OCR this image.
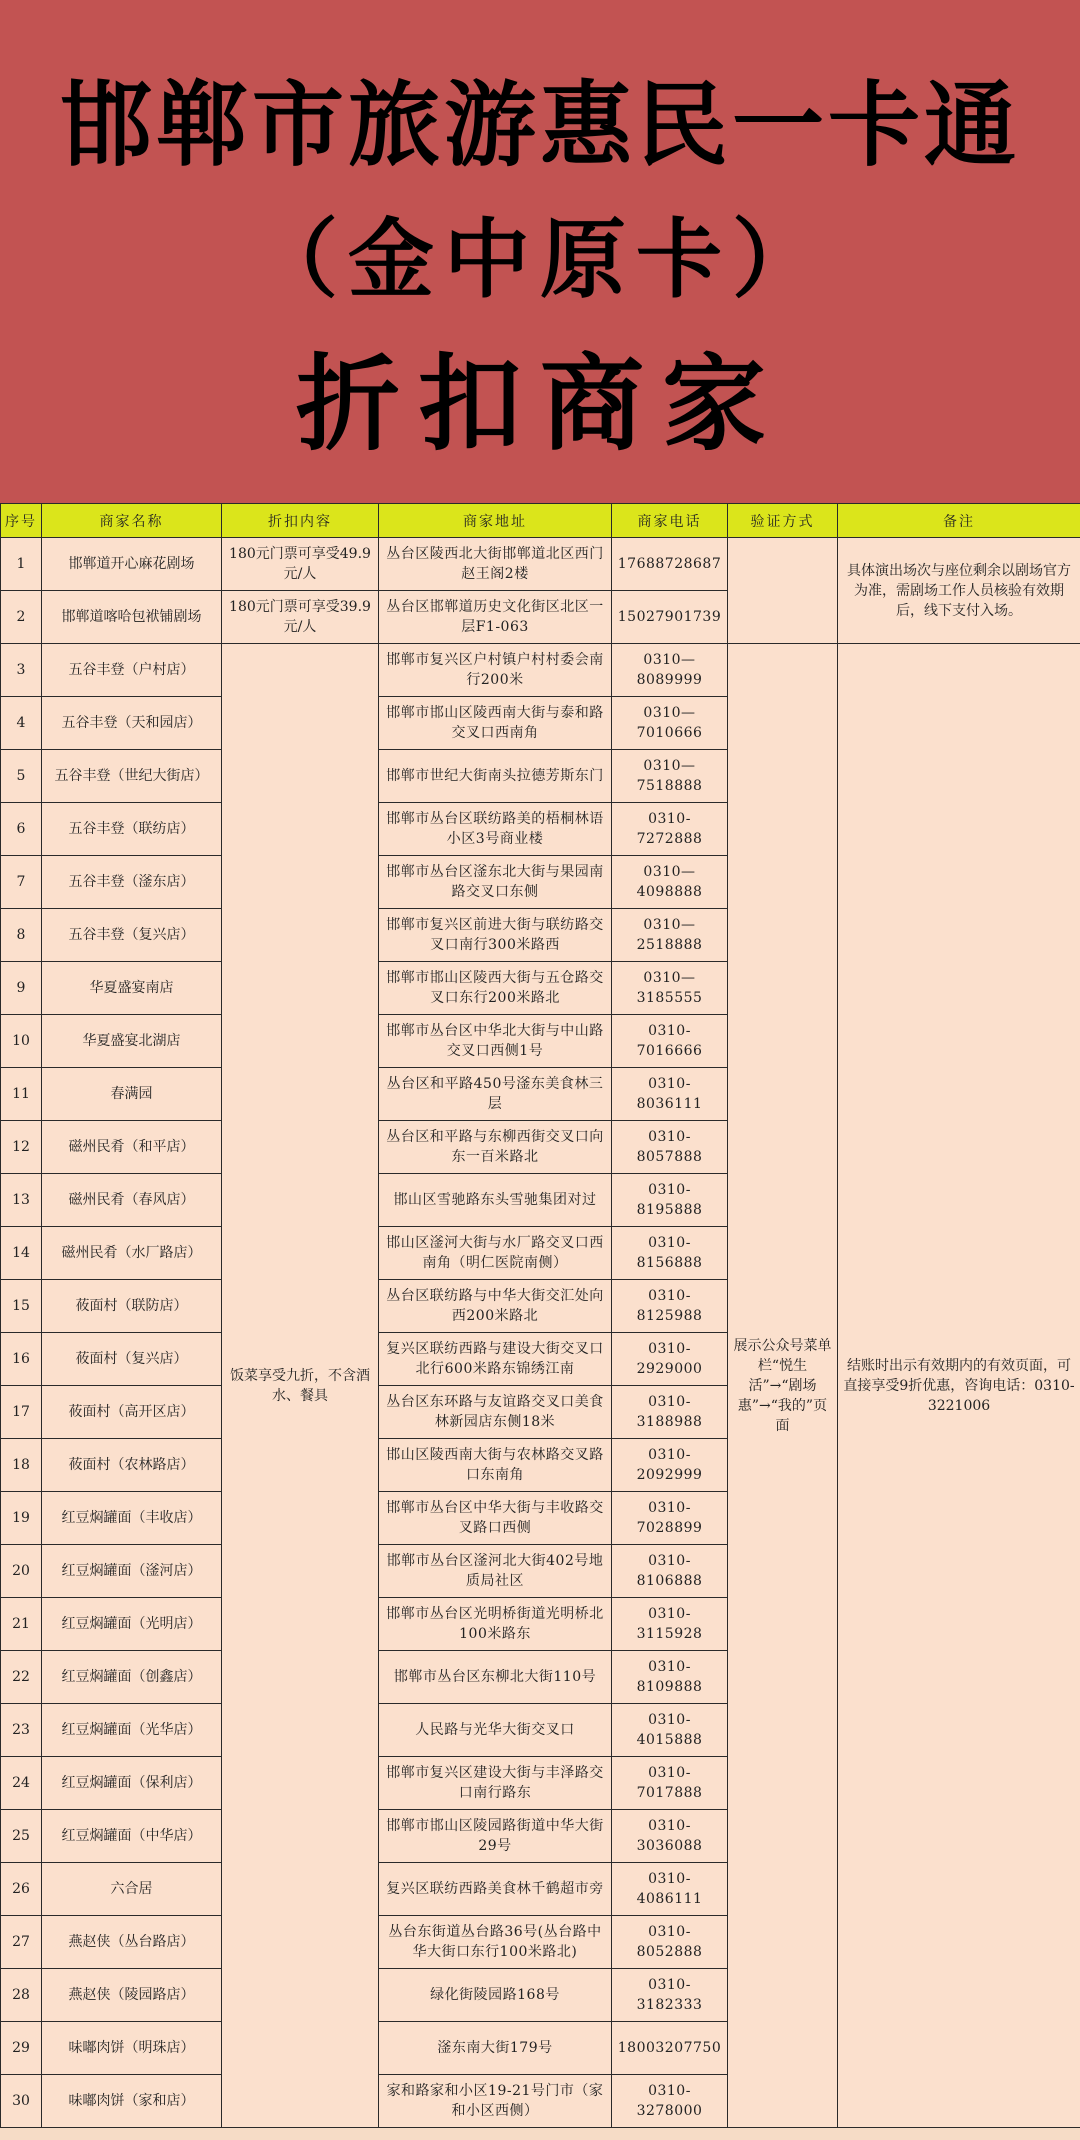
邯郸市旅游惠民一卡通
（金中原卡）
折扣商家
序号	商家名称	折扣内容	商家地址	商家电话	验证方式	备注
1	邯郸道开心麻花剧场	180元门票可享受49.9元/人	丛台区陵西北大街邯郸道北区西门赵王阁2楼	17688728687		具体演出场次与座位剩余以剧场官方为准，需剧场工作人员核验有效期后，线下支付入场。
2	邯郸道喀哈包袱铺剧场	180元门票可享受39.9元/人	丛台区邯郸道历史文化街区北区一层F1-063	15027901739		
3	五谷丰登（户村店）	饭菜享受九折，不含酒水、餐具	邯郸市复兴区户村镇户村村委会南行200米	0310—8089999	展示公众号菜单栏“悦生活”→“剧场惠”→“我的”页面	结账时出示有效期内的有效页面，可直接享受9折优惠，咨询电话：0310-3221006
4	五谷丰登（天和园店）		邯郸市邯山区陵西南大街与泰和路交叉口西南角	0310—7010666		
5	五谷丰登（世纪大街店）		邯郸市世纪大街南头拉德芳斯东门	0310—7518888		
6	五谷丰登（联纺店）		邯郸市丛台区联纺路美的梧桐林语小区3号商业楼	0310-7272888		
7	五谷丰登（滏东店）		邯郸市丛台区滏东北大街与果园南路交叉口东侧	0310—4098888		
8	五谷丰登（复兴店）		邯郸市复兴区前进大街与联纺路交叉口南行300米路西	0310—2518888		
9	华夏盛宴南店		邯郸市邯山区陵西大街与五仓路交叉口东行200米路北	0310—3185555		
10	华夏盛宴北湖店		邯郸市丛台区中华北大街与中山路交叉口西侧1号	0310-7016666		
11	春满园		丛台区和平路450号滏东美食林三层	0310-8036111		
12	磁州民肴（和平店）		丛台区和平路与东柳西街交叉口向东一百米路北	0310-8057888		
13	磁州民肴（春风店）		邯山区雪驰路东头雪驰集团对过	0310-8195888		
14	磁州民肴（水厂路店）		邯山区滏河大街与水厂路交叉口西南角（明仁医院南侧）	0310-8156888		
15	莜面村（联防店）		丛台区联纺路与中华大街交汇处向西200米路北	0310-8125988		
16	莜面村（复兴店）		复兴区联纺西路与建设大街交叉口北行600米路东锦绣江南	0310-2929000		
17	莜面村（高开区店）		丛台区东环路与友谊路交叉口美食林新园店东侧18米	0310-3188988		
18	莜面村（农林路店）		邯山区陵西南大街与农林路交叉路口东南角	0310-2092999		
19	红豆焖罐面（丰收店）		邯郸市丛台区中华大街与丰收路交叉路口西侧	0310-7028899		
20	红豆焖罐面（滏河店）		邯郸市丛台区滏河北大街402号地质局社区	0310-8106888		
21	红豆焖罐面（光明店）		邯郸市丛台区光明桥街道光明桥北100米路东	0310-3115928		
22	红豆焖罐面（创鑫店）		邯郸市丛台区东柳北大街110号	0310-8109888		
23	红豆焖罐面（光华店）		人民路与光华大街交叉口	0310-4015888		
24	红豆焖罐面（保利店）		邯郸市复兴区建设大街与丰泽路交口南行路东	0310-7017888		
25	红豆焖罐面（中华店）		邯郸市邯山区陵园路街道中华大街29号	0310-3036088		
26	六合居		复兴区联纺西路美食林千鹤超市旁	0310-4086111		
27	燕赵侠（丛台路店）		丛台东街道丛台路36号(丛台路中华大街口东行100米路北)	0310-8052888		
28	燕赵侠（陵园路店）		绿化街陵园路168号	0310-3182333		
29	味嘟肉饼（明珠店）		滏东南大街179号	18003207750		
30	味嘟肉饼（家和店）		家和路家和小区19-21号门市（家和小区西侧）	0310-3278000		
